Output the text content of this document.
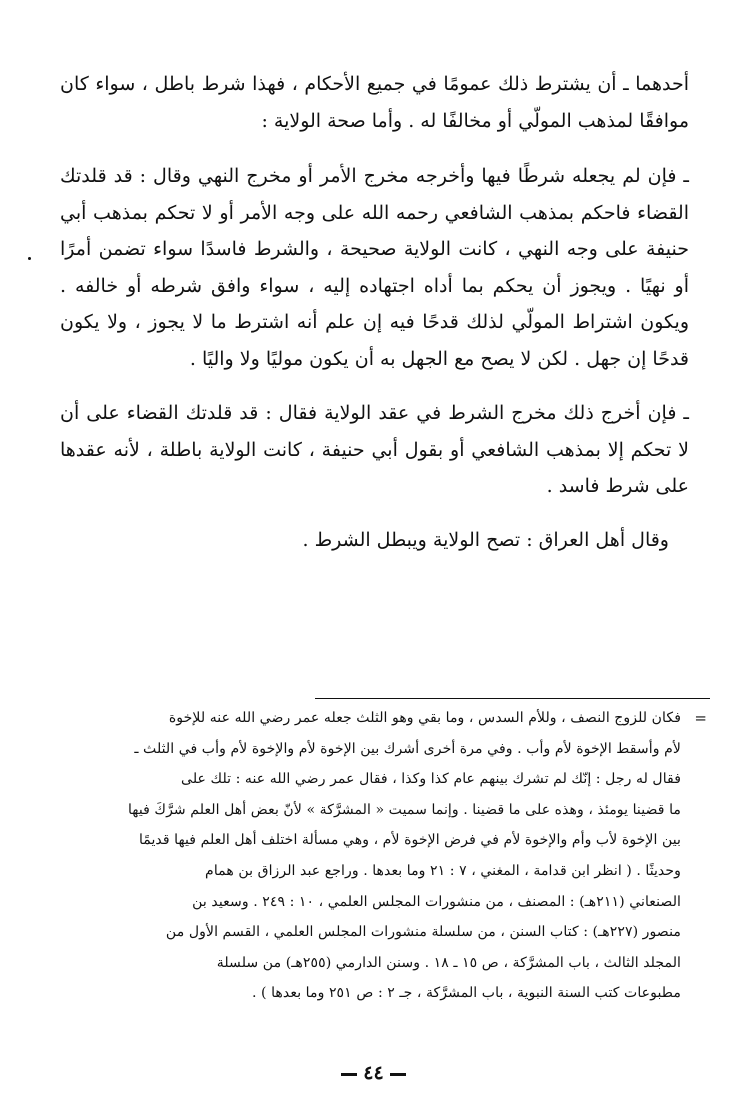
أحدهما ـ أن يشترط ذلك عمومًا في جميع الأحكام ، فهذا شرط باطل ، سواء كان موافقًا لمذهب المولّي أو مخالفًا له . وأما صحة الولاية :

ـ فإن لم يجعله شرطًا فيها وأخرجه مخرج الأمر أو مخرج النهي وقال : قد قلدتك القضاء فاحكم بمذهب الشافعي رحمه الله على وجه الأمر أو لا تحكم بمذهب أبي حنيفة على وجه النهي ، كانت الولاية صحيحة ، والشرط فاسدًا سواء تضمن أمرًا أو نهيًا . ويجوز أن يحكم بما أداه اجتهاده إليه ، سواء وافق شرطه أو خالفه . ويكون اشتراط المولّي لذلك قدحًا فيه إن علم أنه اشترط ما لا يجوز ، ولا يكون قدحًا إن جهل . لكن لا يصح مع الجهل به أن يكون موليًا ولا واليًا .

ـ فإن أخرج ذلك مخرج الشرط في عقد الولاية فقال : قد قلدتك القضاء على أن لا تحكم إلا بمذهب الشافعي أو بقول أبي حنيفة ، كانت الولاية باطلة ، لأنه عقدها على شرط فاسد .

وقال أهل العراق : تصح الولاية ويبطل الشرط .

=

فكان للزوج النصف ، وللأم السدس ، وما بقي وهو الثلث جعله عمر رضي الله عنه للإخوة

لأم وأسقط الإخوة لأم وأب . وفي مرة أخرى أشرك بين الإخوة لأم والإخوة لأم وأب في الثلث ـ

فقال له رجل : إنّك لم تشرك بينهم عام كذا وكذا ، فقال عمر رضي الله عنه : تلك على

ما قضينا يومئذ ، وهذه على ما قضينا . وإنما سميت « المشرَّكة » لأنّ بعض أهل العلم شرَّكَ فيها

بين الإخوة لأب وأم والإخوة لأم في فرض الإخوة لأم ، وهي مسألة اختلف أهل العلم فيها قديمًا

وحديثًا . ( انظر ابن قدامة ، المغني ، ٧ : ٢١ وما بعدها . وراجع عبد الرزاق بن همام

الصنعاني (٢١١هـ) : المصنف ، من منشورات المجلس العلمي ، ١٠ : ٢٤٩ . وسعيد بن

منصور (٢٢٧هـ) : كتاب السنن ، من سلسلة منشورات المجلس العلمي ، القسم الأول من

المجلد الثالث ، باب المشرَّكة ، ص ١٥ ـ ١٨ . وسنن الدارمي (٢٥٥هـ) من سلسلة

مطبوعات كتب السنة النبوية ، باب المشرَّكة ، جـ ٢ : ص ٢٥١ وما بعدها ) .

٤٤
